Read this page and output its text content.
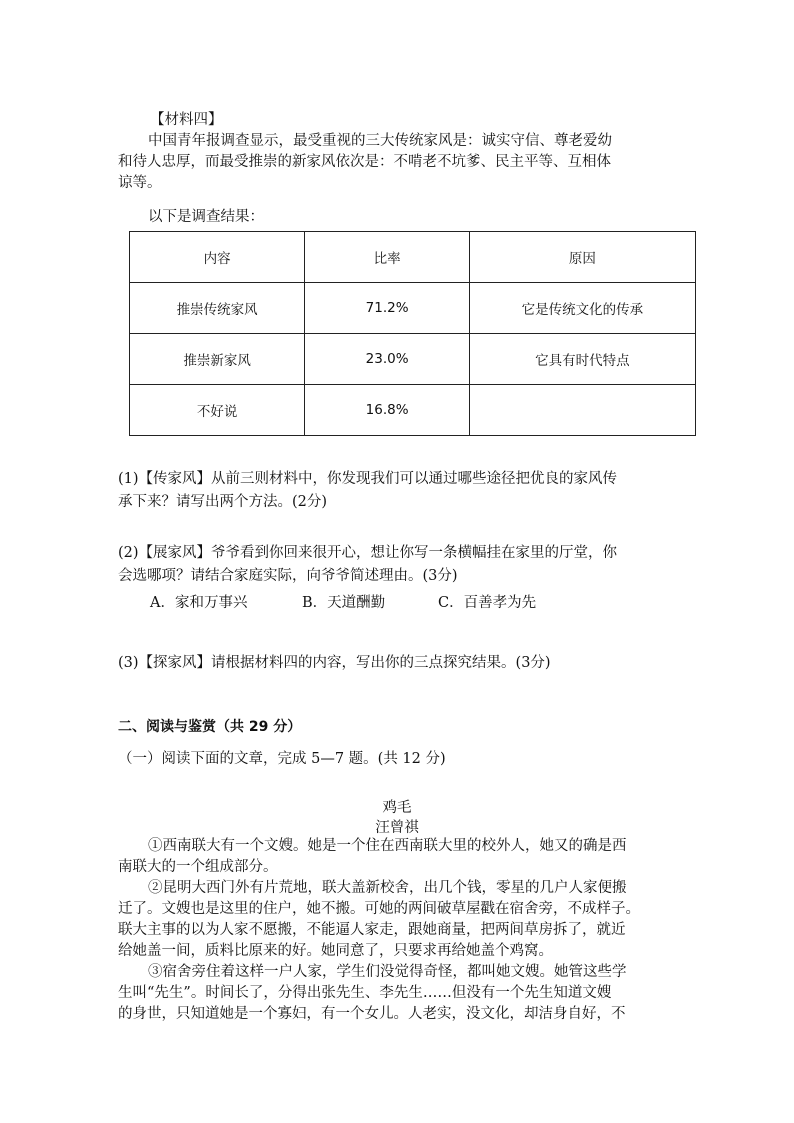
【材料四】
中国青年报调查显示，最受重视的三大传统家风是：诚实守信、尊老爱幼
和待人忠厚，而最受推崇的新家风依次是：不啃老不坑爹、民主平等、互相体
谅等。
以下是调查结果：
内容	比率	原因
推崇传统家风	71.2%	它是传统文化的传承
推崇新家风	23.0%	它具有时代特点
不好说	16.8%	
(1)【传家风】从前三则材料中，你发现我们可以通过哪些途径把优良的家风传
承下来？请写出两个方法。(2分)
(2)【展家风】爷爷看到你回来很开心，想让你写一条横幅挂在家里的厅堂，你
会选哪项？请结合家庭实际，向爷爷简述理由。(3分)
A．家和万事兴	B．天道酬勤	C．百善孝为先
(3)【探家风】请根据材料四的内容，写出你的三点探究结果。(3分)
二、阅读与鉴赏（共 29 分）
（一）阅读下面的文章，完成 5—7 题。(共 12 分)
鸡毛
汪曾祺
①西南联大有一个文嫂。她是一个住在西南联大里的校外人，她又的确是西
南联大的一个组成部分。
②昆明大西门外有片荒地，联大盖新校舍，出几个钱，零星的几户人家便搬
迁了。文嫂也是这里的住户，她不搬。可她的两间破草屋戳在宿舍旁，不成样子。
联大主事的以为人家不愿搬，不能逼人家走，跟她商量，把两间草房拆了，就近
给她盖一间，质料比原来的好。她同意了，只要求再给她盖个鸡窝。
③宿舍旁住着这样一户人家，学生们没觉得奇怪，都叫她文嫂。她管这些学
生叫“先生”。时间长了，分得出张先生、李先生……但没有一个先生知道文嫂
的身世，只知道她是一个寡妇，有一个女儿。人老实，没文化，却洁身自好，不
